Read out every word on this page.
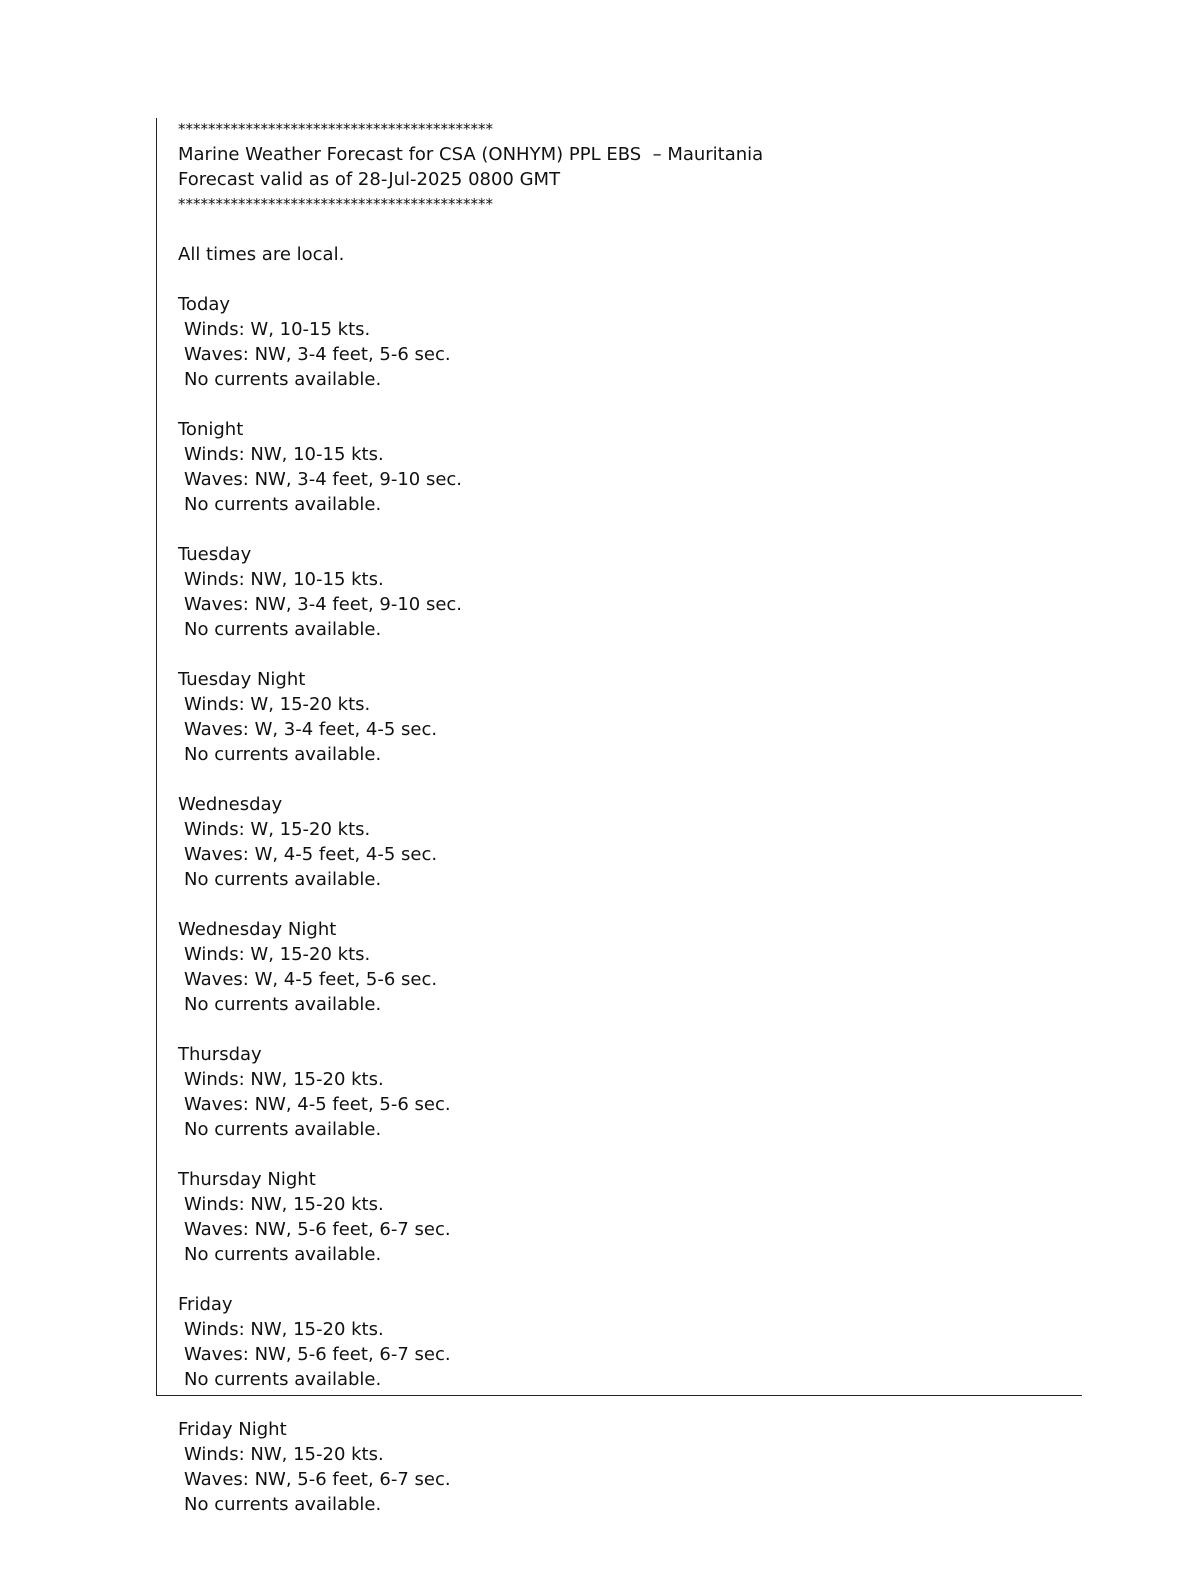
******************************************
Marine Weather Forecast for CSA (ONHYM) PPL EBS  – Mauritania
Forecast valid as of 28-Jul-2025 0800 GMT
******************************************
All times are local.
Today
Winds: W, 10-15 kts.
Waves: NW, 3-4 feet, 5-6 sec.
No currents available.
Tonight
Winds: NW, 10-15 kts.
Waves: NW, 3-4 feet, 9-10 sec.
No currents available.
Tuesday
Winds: NW, 10-15 kts.
Waves: NW, 3-4 feet, 9-10 sec.
No currents available.
Tuesday Night
Winds: W, 15-20 kts.
Waves: W, 3-4 feet, 4-5 sec.
No currents available.
Wednesday
Winds: W, 15-20 kts.
Waves: W, 4-5 feet, 4-5 sec.
No currents available.
Wednesday Night
Winds: W, 15-20 kts.
Waves: W, 4-5 feet, 5-6 sec.
No currents available.
Thursday
Winds: NW, 15-20 kts.
Waves: NW, 4-5 feet, 5-6 sec.
No currents available.
Thursday Night
Winds: NW, 15-20 kts.
Waves: NW, 5-6 feet, 6-7 sec.
No currents available.
Friday
Winds: NW, 15-20 kts.
Waves: NW, 5-6 feet, 6-7 sec.
No currents available.
Friday Night
Winds: NW, 15-20 kts.
Waves: NW, 5-6 feet, 6-7 sec.
No currents available.
